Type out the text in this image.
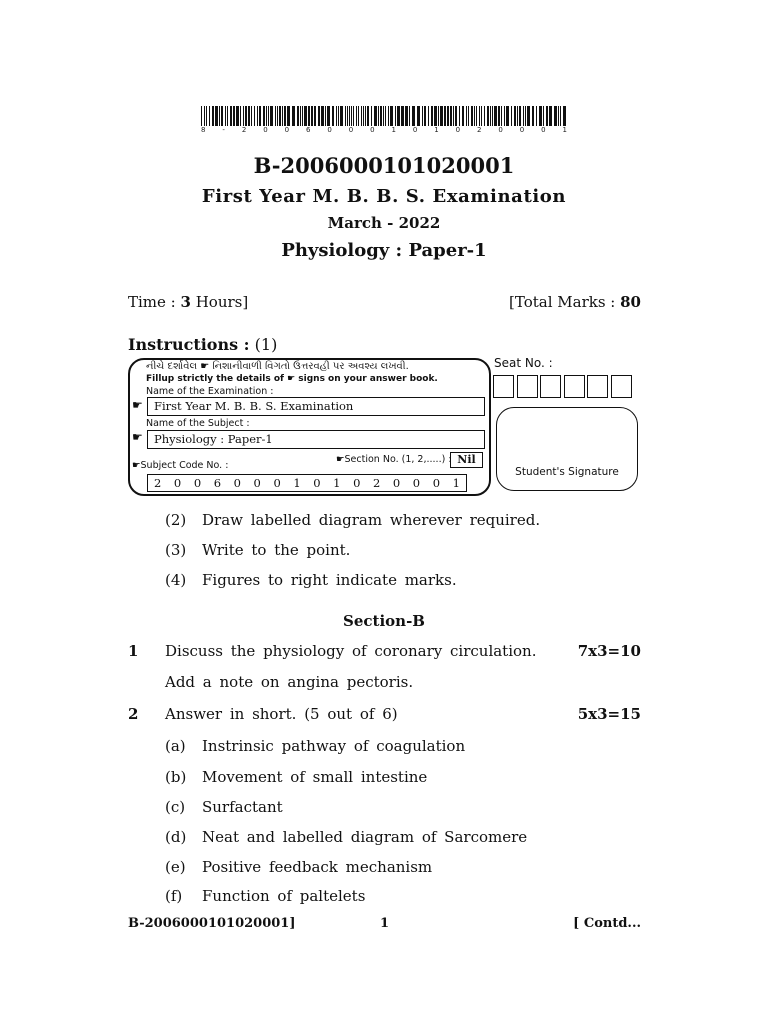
8 - 2 0 0 6 0 0 0 1 0 1 0 2 0 0 0 1
B-2006000101020001
First Year M. B. B. S. Examination
March - 2022
Physiology : Paper-1
Time : 3 Hours]	[Total Marks : 80
Instructions : (1)
નીચે દર્શાવેલ ☛ નિશાનીવાળી વિગતો ઉત્તરવહી પર અવશ્ય લખવી.
Fillup strictly the details of ☛ signs on your answer book.
Name of the Examination :
☛ First Year M. B. B. S. Examination
Name of the Subject :
☛ Physiology : Paper-1
☛Section No. (1, 2,.....) : Nil
☛Subject Code No. :
2 0 0 6 0 0 0 1 0 1 0 2 0 0 0 1
Seat No. :
Student's Signature
(2) Draw labelled diagram wherever required.
(3) Write to the point.
(4) Figures to right indicate marks.
Section-B
1 Discuss the physiology of coronary circulation.	7x3=10
Add a note on angina pectoris.
2 Answer in short. (5 out of 6)	5x3=15
(a) Instrinsic pathway of coagulation
(b) Movement of small intestine
(c) Surfactant
(d) Neat and labelled diagram of Sarcomere
(e) Positive feedback mechanism
(f) Function of paltelets
B-2006000101020001]	1	[ Contd...
